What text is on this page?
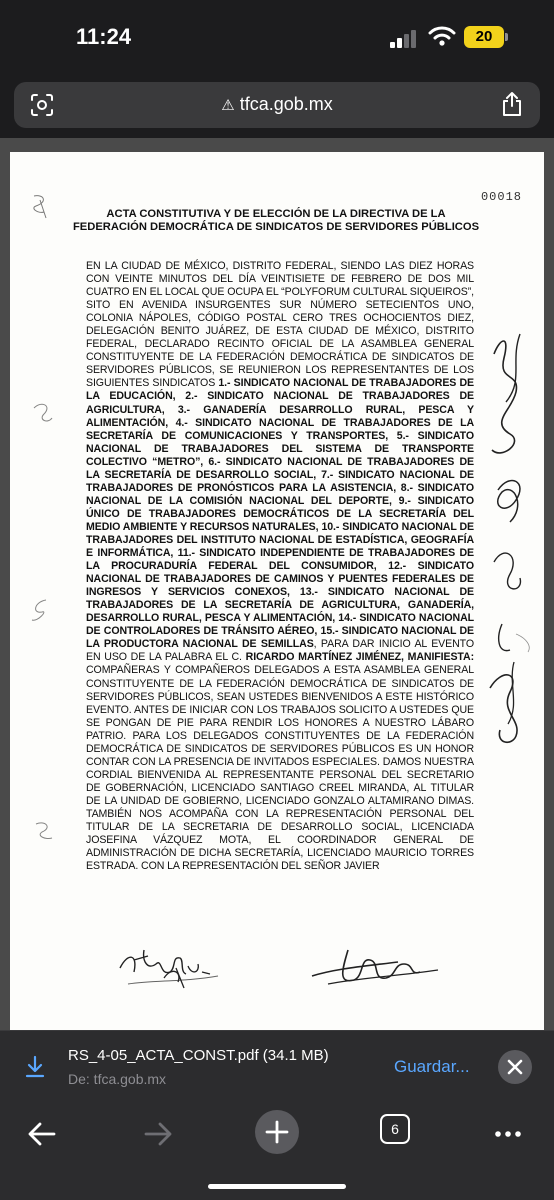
11:24	20
⚠ tfca.gob.mx
00018
ACTA CONSTITUTIVA Y DE ELECCIÓN DE LA DIRECTIVA DE LA FEDERACIÓN DEMOCRÁTICA DE SINDICATOS DE SERVIDORES PÚBLICOS
EN LA CIUDAD DE MÉXICO, DISTRITO FEDERAL, SIENDO LAS DIEZ HORAS CON VEINTE MINUTOS DEL DÍA VEINTISIETE DE FEBRERO DE DOS MIL CUATRO EN EL LOCAL QUE OCUPA EL “POLYFORUM CULTURAL SIQUEIROS”, SITO EN AVENIDA INSURGENTES SUR NÚMERO SETECIENTOS UNO, COLONIA NÁPOLES, CÓDIGO POSTAL CERO TRES OCHOCIENTOS DIEZ, DELEGACIÓN BENITO JUÁREZ, DE ESTA CIUDAD DE MÉXICO, DISTRITO FEDERAL, DECLARADO RECINTO OFICIAL DE LA ASAMBLEA GENERAL CONSTITUYENTE DE LA FEDERACIÓN DEMOCRÁTICA DE SINDICATOS DE SERVIDORES PÚBLICOS, SE REUNIERON LOS REPRESENTANTES DE LOS SIGUIENTES SINDICATOS 1.- SINDICATO NACIONAL DE TRABAJADORES DE LA EDUCACIÓN, 2.- SINDICATO NACIONAL DE TRABAJADORES DE AGRICULTURA, 3.- GANADERÍA DESARROLLO RURAL, PESCA Y ALIMENTACIÓN, 4.- SINDICATO NACIONAL DE TRABAJADORES DE LA SECRETARÍA DE COMUNICACIONES Y TRANSPORTES, 5.- SINDICATO NACIONAL DE TRABAJADORES DEL SISTEMA DE TRANSPORTE COLECTIVO “METRO”, 6.- SINDICATO NACIONAL DE TRABAJADORES DE LA SECRETARÍA DE DESARROLLO SOCIAL, 7.- SINDICATO NACIONAL DE TRABAJADORES DE PRONÓSTICOS PARA LA ASISTENCIA, 8.- SINDICATO NACIONAL DE LA COMISIÓN NACIONAL DEL DEPORTE, 9.- SINDICATO ÚNICO DE TRABAJADORES DEMOCRÁTICOS DE LA SECRETARÍA DEL MEDIO AMBIENTE Y RECURSOS NATURALES, 10.- SINDICATO NACIONAL DE TRABAJADORES DEL INSTITUTO NACIONAL DE ESTADÍSTICA, GEOGRAFÍA E INFORMÁTICA, 11.- SINDICATO INDEPENDIENTE DE TRABAJADORES DE LA PROCURADURÍA FEDERAL DEL CONSUMIDOR, 12.- SINDICATO NACIONAL DE TRABAJADORES DE CAMINOS Y PUENTES FEDERALES DE INGRESOS Y SERVICIOS CONEXOS, 13.- SINDICATO NACIONAL DE TRABAJADORES DE LA SECRETARÍA DE AGRICULTURA, GANADERÍA, DESARROLLO RURAL, PESCA Y ALIMENTACIÓN, 14.- SINDICATO NACIONAL DE CONTROLADORES DE TRÁNSITO AÉREO, 15.- SINDICATO NACIONAL DE LA PRODUCTORA NACIONAL DE SEMILLAS, PARA DAR INICIO AL EVENTO EN USO DE LA PALABRA EL C. RICARDO MARTÍNEZ JIMÉNEZ, MANIFIESTA: COMPAÑERAS Y COMPAÑEROS DELEGADOS A ESTA ASAMBLEA GENERAL CONSTITUYENTE DE LA FEDERACIÓN DEMOCRÁTICA DE SINDICATOS DE SERVIDORES PÚBLICOS, SEAN USTEDES BIENVENIDOS A ESTE HISTÓRICO EVENTO. ANTES DE INICIAR CON LOS TRABAJOS SOLICITO A USTEDES QUE SE PONGAN DE PIE PARA RENDIR LOS HONORES A NUESTRO LÁBARO PATRIO. PARA LOS DELEGADOS CONSTITUYENTES DE LA FEDERACIÓN DEMOCRÁTICA DE SINDICATOS DE SERVIDORES PÚBLICOS ES UN HONOR CONTAR CON LA PRESENCIA DE INVITADOS ESPECIALES. DAMOS NUESTRA CORDIAL BIENVENIDA AL REPRESENTANTE PERSONAL DEL SECRETARIO DE GOBERNACIÓN, LICENCIADO SANTIAGO CREEL MIRANDA, AL TITULAR DE LA UNIDAD DE GOBIERNO, LICENCIADO GONZALO ALTAMIRANO DIMAS. TAMBIÉN NOS ACOMPAÑA CON LA REPRESENTACIÓN PERSONAL DEL TITULAR DE LA SECRETARIA DE DESARROLLO SOCIAL, LICENCIADA JOSEFINA VÁZQUEZ MOTA, EL COORDINADOR GENERAL DE ADMINISTRACIÓN DE DICHA SECRETARÍA, LICENCIADO MAURICIO TORRES ESTRADA. CON LA REPRESENTACIÓN DEL SEÑOR JAVIER
RS_4-05_ACTA_CONST.pdf (34.1 MB)
De: tfca.gob.mx
Guardar...
6
